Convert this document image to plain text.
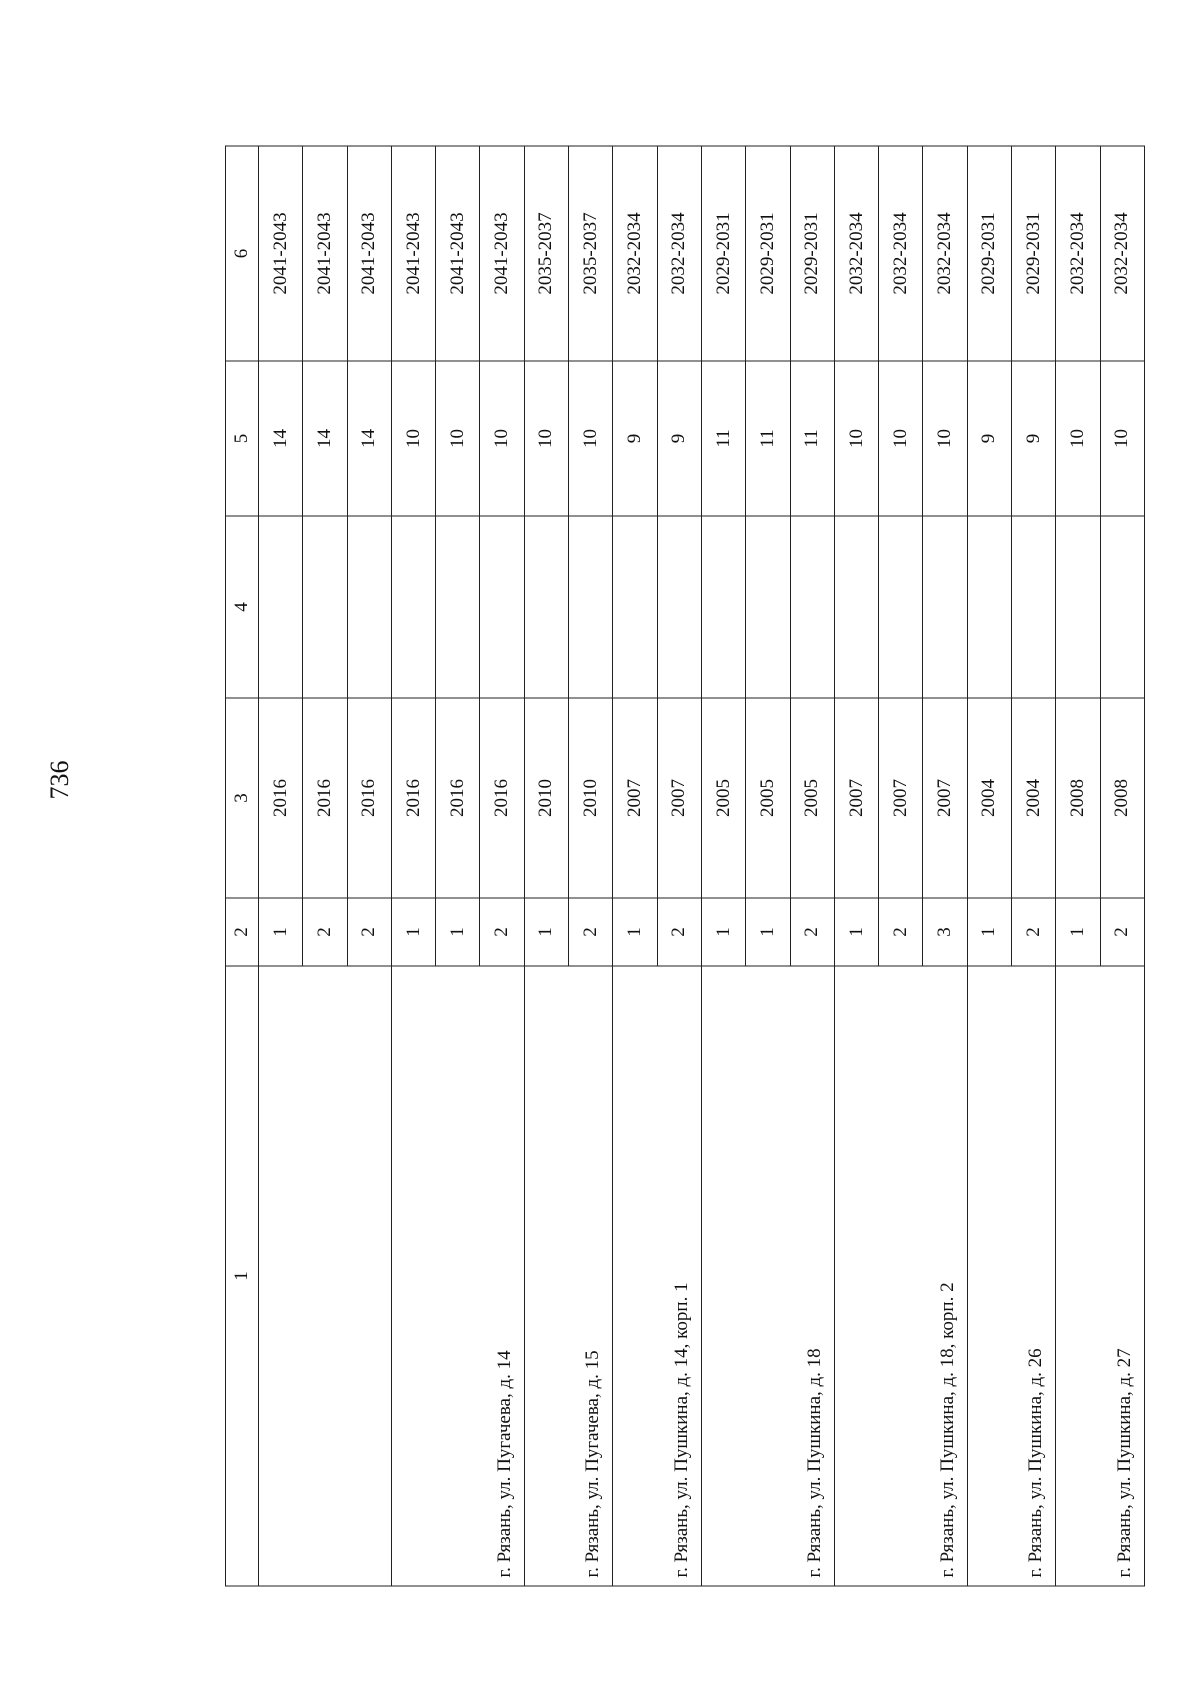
736
1	2	3	4	5	6
	1	2016		14	2041-2043
	2	2016		14	2041-2043
	2	2016		14	2041-2043
г. Рязань, ул. Пугачева, д. 14	1	2016		10	2041-2043
	1	2016		10	2041-2043
	2	2016		10	2041-2043
г. Рязань, ул. Пугачева, д. 15	1	2010		10	2035-2037
	2	2010		10	2035-2037
г. Рязань, ул. Пушкина, д. 14, корп. 1	1	2007		9	2032-2034
	2	2007		9	2032-2034
г. Рязань, ул. Пушкина, д. 18	1	2005		11	2029-2031
	1	2005		11	2029-2031
	2	2005		11	2029-2031
г. Рязань, ул. Пушкина, д. 18, корп. 2	1	2007		10	2032-2034
	2	2007		10	2032-2034
	3	2007		10	2032-2034
г. Рязань, ул. Пушкина, д. 26	1	2004		9	2029-2031
	2	2004		9	2029-2031
г. Рязань, ул. Пушкина, д. 27	1	2008		10	2032-2034
	2	2008		10	2032-2034
